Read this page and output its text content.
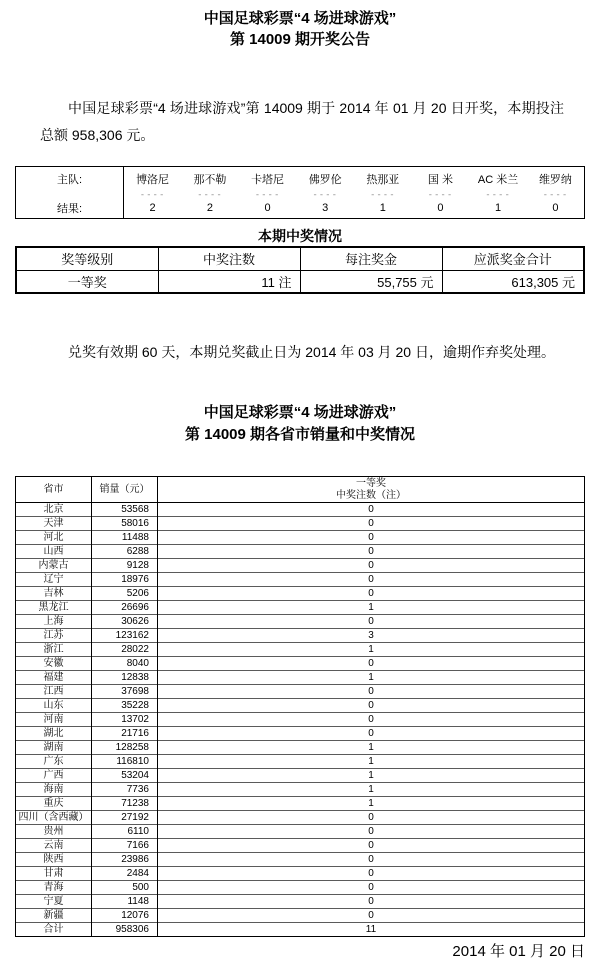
中国足球彩票“4 场进球游戏”
第 14009 期开奖公告

中国足球彩票“4 场进球游戏”第 14009 期于 2014 年 01 月 20 日开奖，本期投注总额 958,306 元。

主队:	博洛尼	那不勒	卡塔尼	佛罗伦	热那亚	国 米	AC 米兰	维罗纳
	----	----	----	----	----	----	----	----
结果:	2	2	0	3	1	0	1	0
本期中奖情况
奖等级别	中奖注数	每注奖金	应派奖金合计
一等奖	11 注	55,755 元	613,305 元

兑奖有效期 60 天，本期兑奖截止日为 2014 年 03 月 20 日，逾期作弃奖处理。

中国足球彩票“4 场进球游戏”
第 14009 期各省市销量和中奖情况
省市	销量（元）	一等奖
中奖注数（注）

北京	53568	0
天津	58016	0
河北	11488	0
山西	6288	0
内蒙古	9128	0
辽宁	18976	0
吉林	5206	0
黑龙江	26696	1
上海	30626	0
江苏	123162	3
浙江	28022	1
安徽	8040	0
福建	12838	1
江西	37698	0
山东	35228	0
河南	13702	0
湖北	21716	0
湖南	128258	1
广东	116810	1
广西	53204	1
海南	7736	1
重庆	71238	1
四川（含西藏）	27192	0
贵州	6110	0
云南	7166	0
陕西	23986	0
甘肃	2484	0
青海	500	0
宁夏	1148	0
新疆	12076	0
合计	958306	11
2014 年 01 月 20 日
